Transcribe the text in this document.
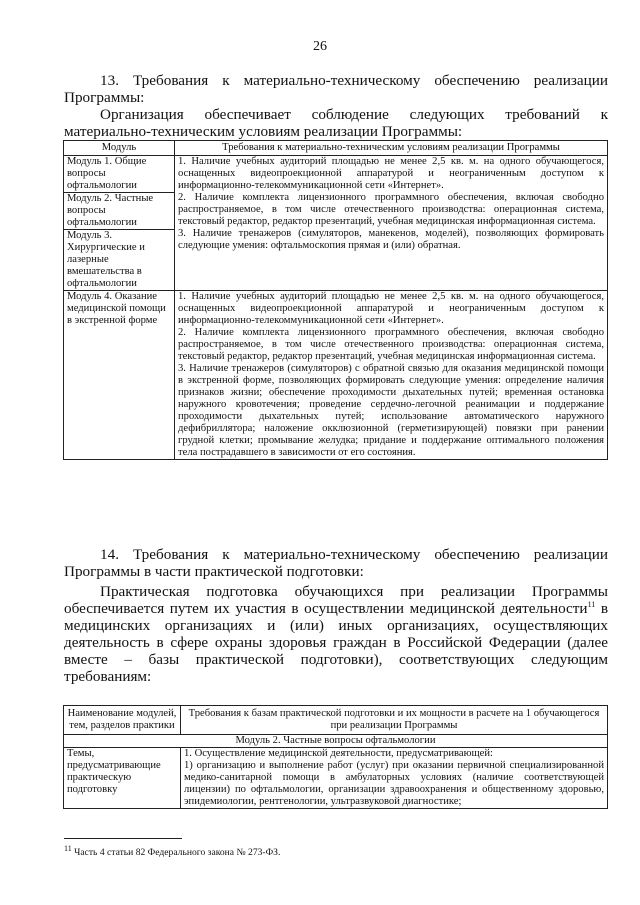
26
13. Требования к материально-техническому обеспечению реализации Программы:
Организация обеспечивает соблюдение следующих требований к материально-техническим условиям реализации Программы:
Модуль	Требования к материально-техническим условиям реализации Программы
Модуль 1. Общие вопросы офтальмологии	1. Наличие учебных аудиторий площадью не менее 2,5 кв. м. на одного обучающегося, оснащенных видеопроекционной аппаратурой и неограниченным доступом к информационно-телекоммуникационной сети «Интернет».

2. Наличие комплекта лицензионного программного обеспечения, включая свободно распространяемое, в том числе отечественного производства: операционная система, текстовый редактор, редактор презентаций, учебная медицинская информационная система.

3. Наличие тренажеров (симуляторов, манекенов, моделей), позволяющих формировать следующие умения: офтальмоскопия прямая и (или) обратная.

Модуль 2. Частные вопросы офтальмологии	
Модуль 3. Хирургические и лазерные вмешательства в офтальмологии	
Модуль 4. Оказание медицинской помощи в экстренной форме	1. Наличие учебных аудиторий площадью не менее 2,5 кв. м. на одного обучающегося, оснащенных видеопроекционной аппаратурой и неограниченным доступом к информационно-телекоммуникационной сети «Интернет».

2. Наличие комплекта лицензионного программного обеспечения, включая свободно распространяемое, в том числе отечественного производства: операционная система, текстовый редактор, редактор презентаций, учебная медицинская информационная система.

3. Наличие тренажеров (симуляторов) с обратной связью для оказания медицинской помощи в экстренной форме, позволяющих формировать следующие умения: определение наличия признаков жизни; обеспечение проходимости дыхательных путей; временная остановка наружного кровотечения; проведение сердечно-легочной реанимации и поддержание проходимости дыхательных путей; использование автоматического наружного дефибриллятора; наложение окклюзионной (герметизирующей) повязки при ранении грудной клетки; промывание желудка; придание и поддержание оптимального положения тела пострадавшего в зависимости от его состояния.

14. Требования к материально-техническому обеспечению реализации Программы в части практической подготовки:
Практическая подготовка обучающихся при реализации Программы обеспечивается путем их участия в осуществлении медицинской деятельности$^{11}$ в медицинских организациях и (или) иных организациях, осуществляющих деятельность в сфере охраны здоровья граждан в Российской Федерации (далее вместе – базы практической подготовки), соответствующих следующим требованиям:
Наименование модулей, тем, разделов практики	Требования к базам практической подготовки и их мощности в расчете на 1 обучающегося при реализации Программы
Модуль 2. Частные вопросы офтальмологии	
Темы, предусматривающие практическую подготовку	1. Осуществление медицинской деятельности, предусматривающей:

1) организацию и выполнение работ (услуг) при оказании первичной специализированной медико-санитарной помощи в амбулаторных условиях (наличие соответствующей лицензии) по офтальмологии, организации здравоохранения и общественному здоровью, эпидемиологии, рентгенологии, ультразвуковой диагностике;

$^{11}$ Часть 4 статьи 82 Федерального закона № 273-ФЗ.
